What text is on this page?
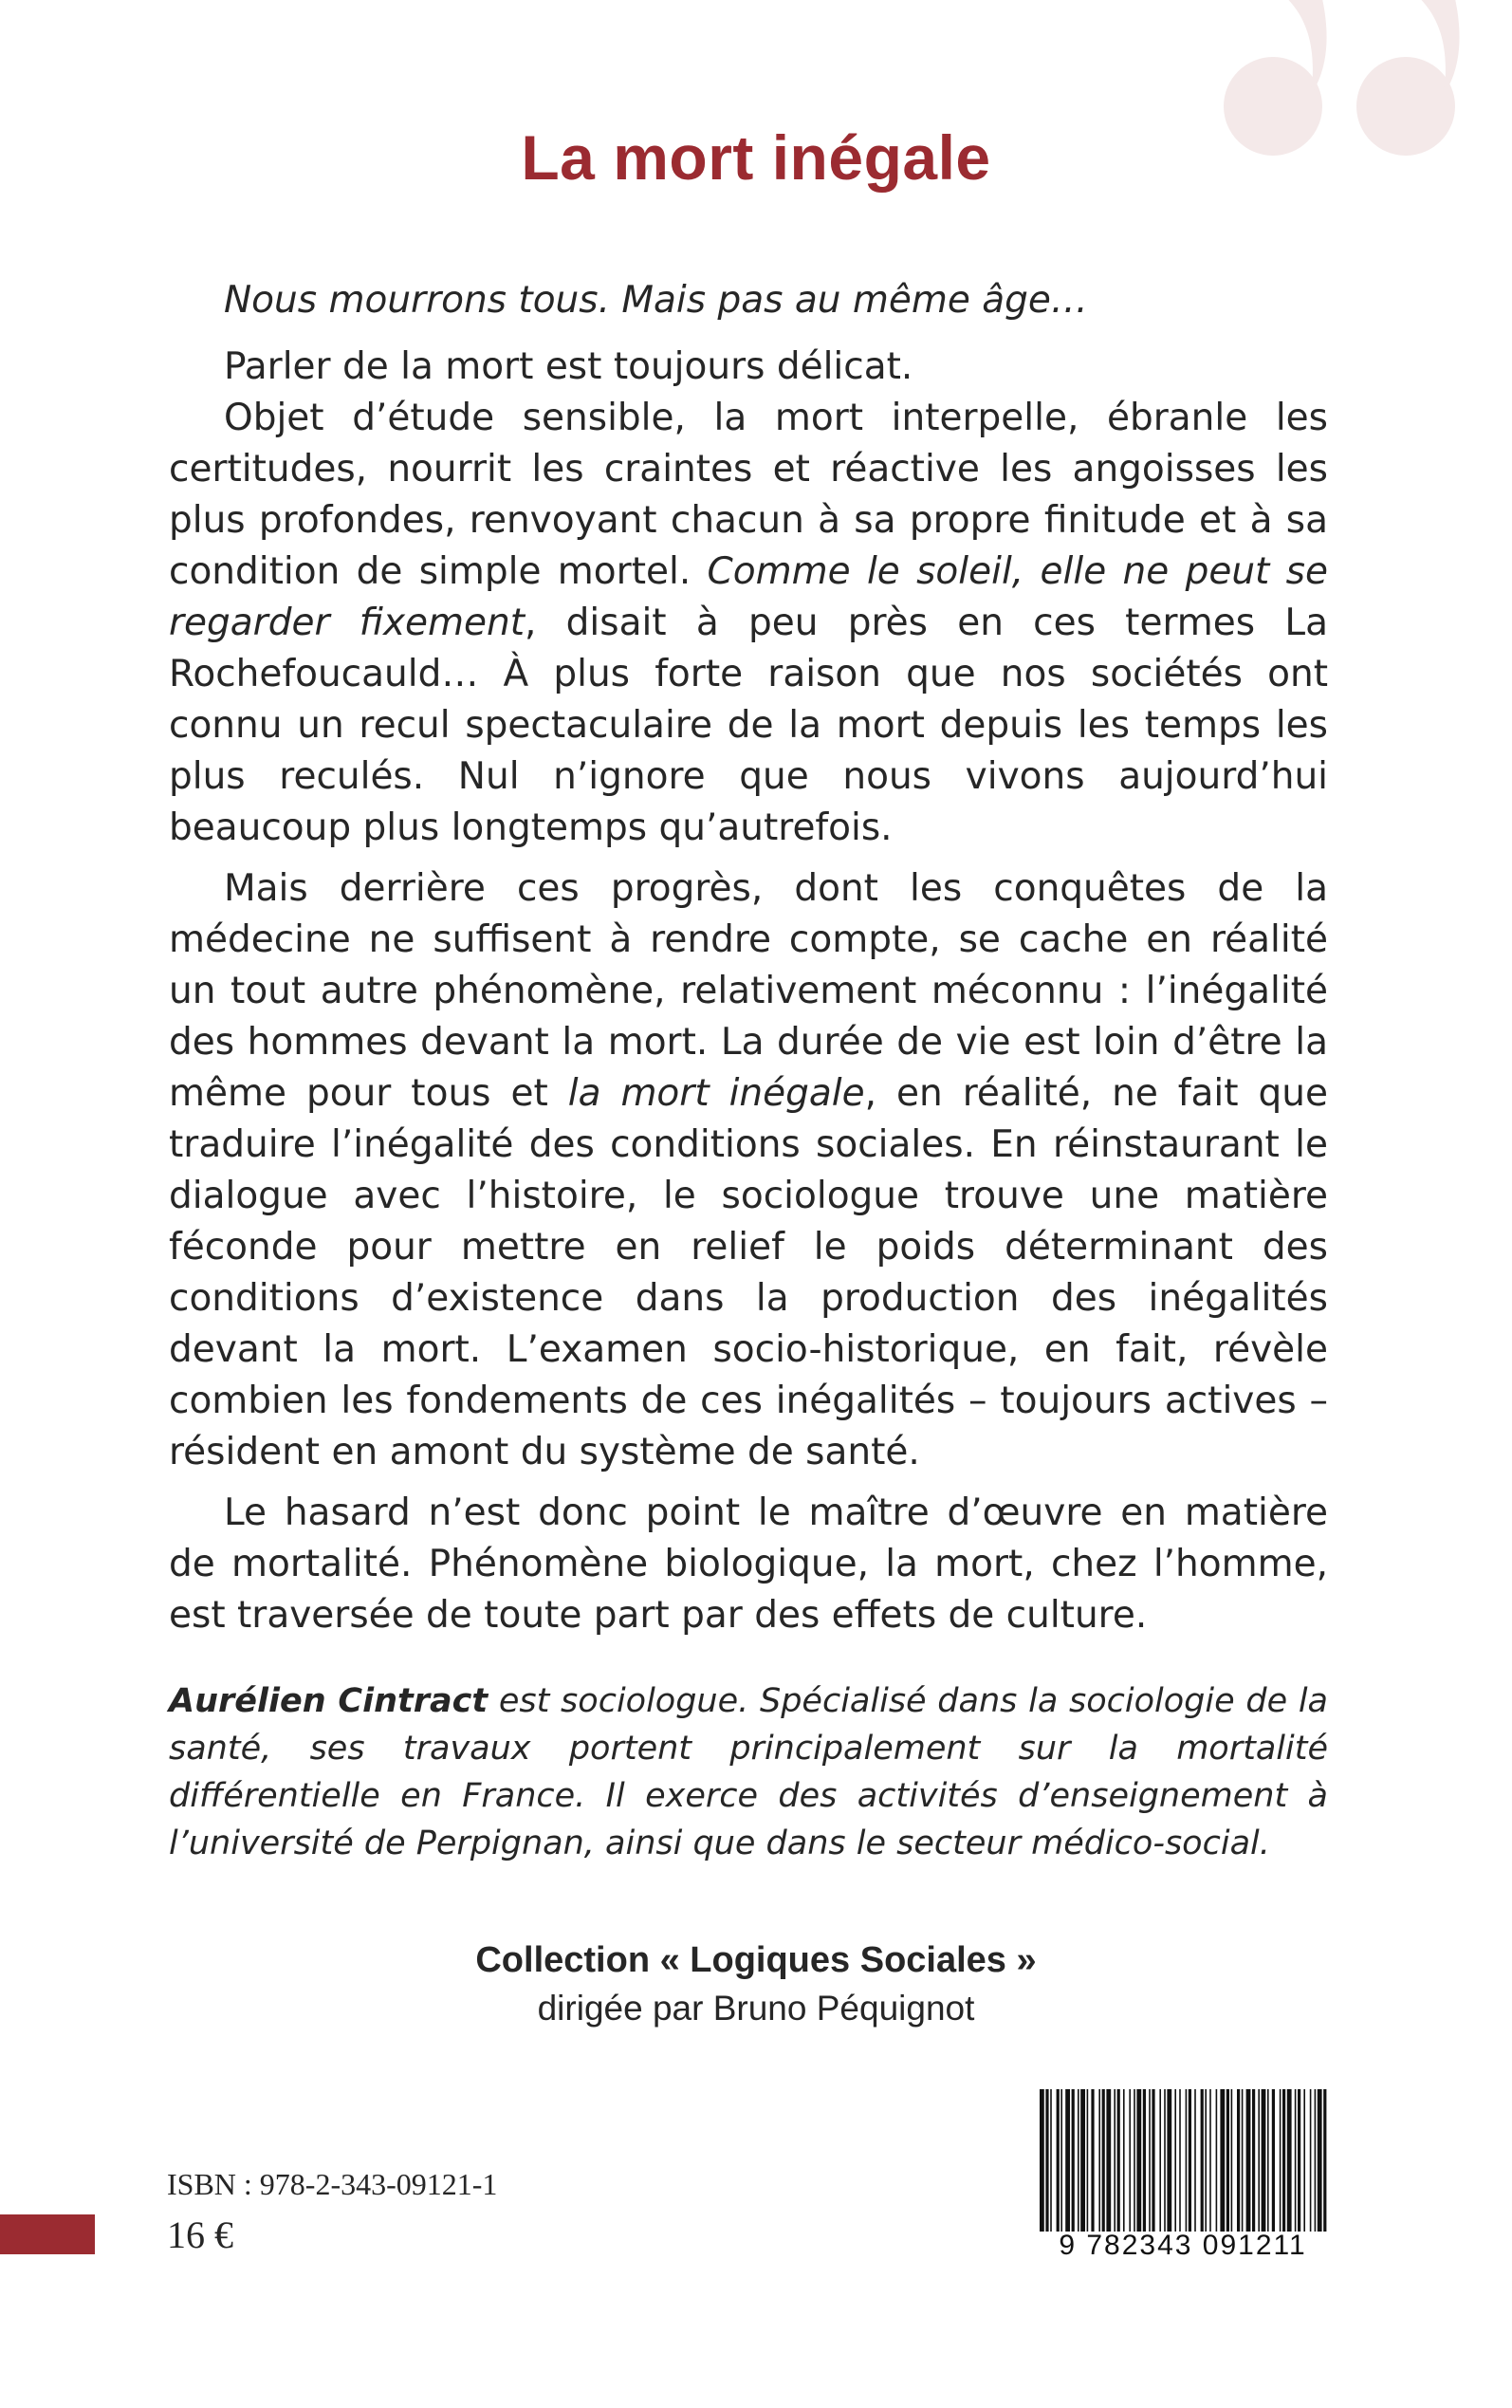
La mort inégale

Nous mourrons tous. Mais pas au même âge…

Parler de la mort est toujours délicat.

Objet d’étude sensible, la mort interpelle, ébranle les certitudes, nourrit les craintes et réactive les angoisses les plus profondes, renvoyant chacun à sa propre finitude et à sa condition de simple mortel. Comme le soleil, elle ne peut se regarder fixement, disait à peu près en ces termes La Rochefoucauld… À plus forte raison que nos sociétés ont connu un recul spectaculaire de la mort depuis les temps les plus reculés. Nul n’ignore que nous vivons aujourd’hui beaucoup plus longtemps qu’autrefois.

Mais derrière ces progrès, dont les conquêtes de la médecine ne suffisent à rendre compte, se cache en réalité un tout autre phénomène, relativement méconnu : l’inégalité des hommes devant la mort. La durée de vie est loin d’être la même pour tous et la mort inégale, en réalité, ne fait que traduire l’inégalité des conditions sociales. En réinstaurant le dialogue avec l’histoire, le sociologue trouve une matière féconde pour mettre en relief le poids déterminant des conditions d’existence dans la production des inégalités devant la mort. L’examen socio-historique, en fait, révèle combien les fondements de ces inégalités – toujours actives – résident en amont du système de santé.

Le hasard n’est donc point le maître d’œuvre en matière de mortalité. Phénomène biologique, la mort, chez l’homme, est traversée de toute part par des effets de culture.

Aurélien Cintract est sociologue. Spécialisé dans la sociologie de la santé, ses travaux portent principalement sur la mortalité différentielle en France. Il exerce des activités d’enseignement à l’université de Perpignan, ainsi que dans le secteur médico-social.

Collection « Logiques Sociales »
dirigée par Bruno Péquignot

ISBN : 978-2-343-09121-1

16 €	9 782343 091211
